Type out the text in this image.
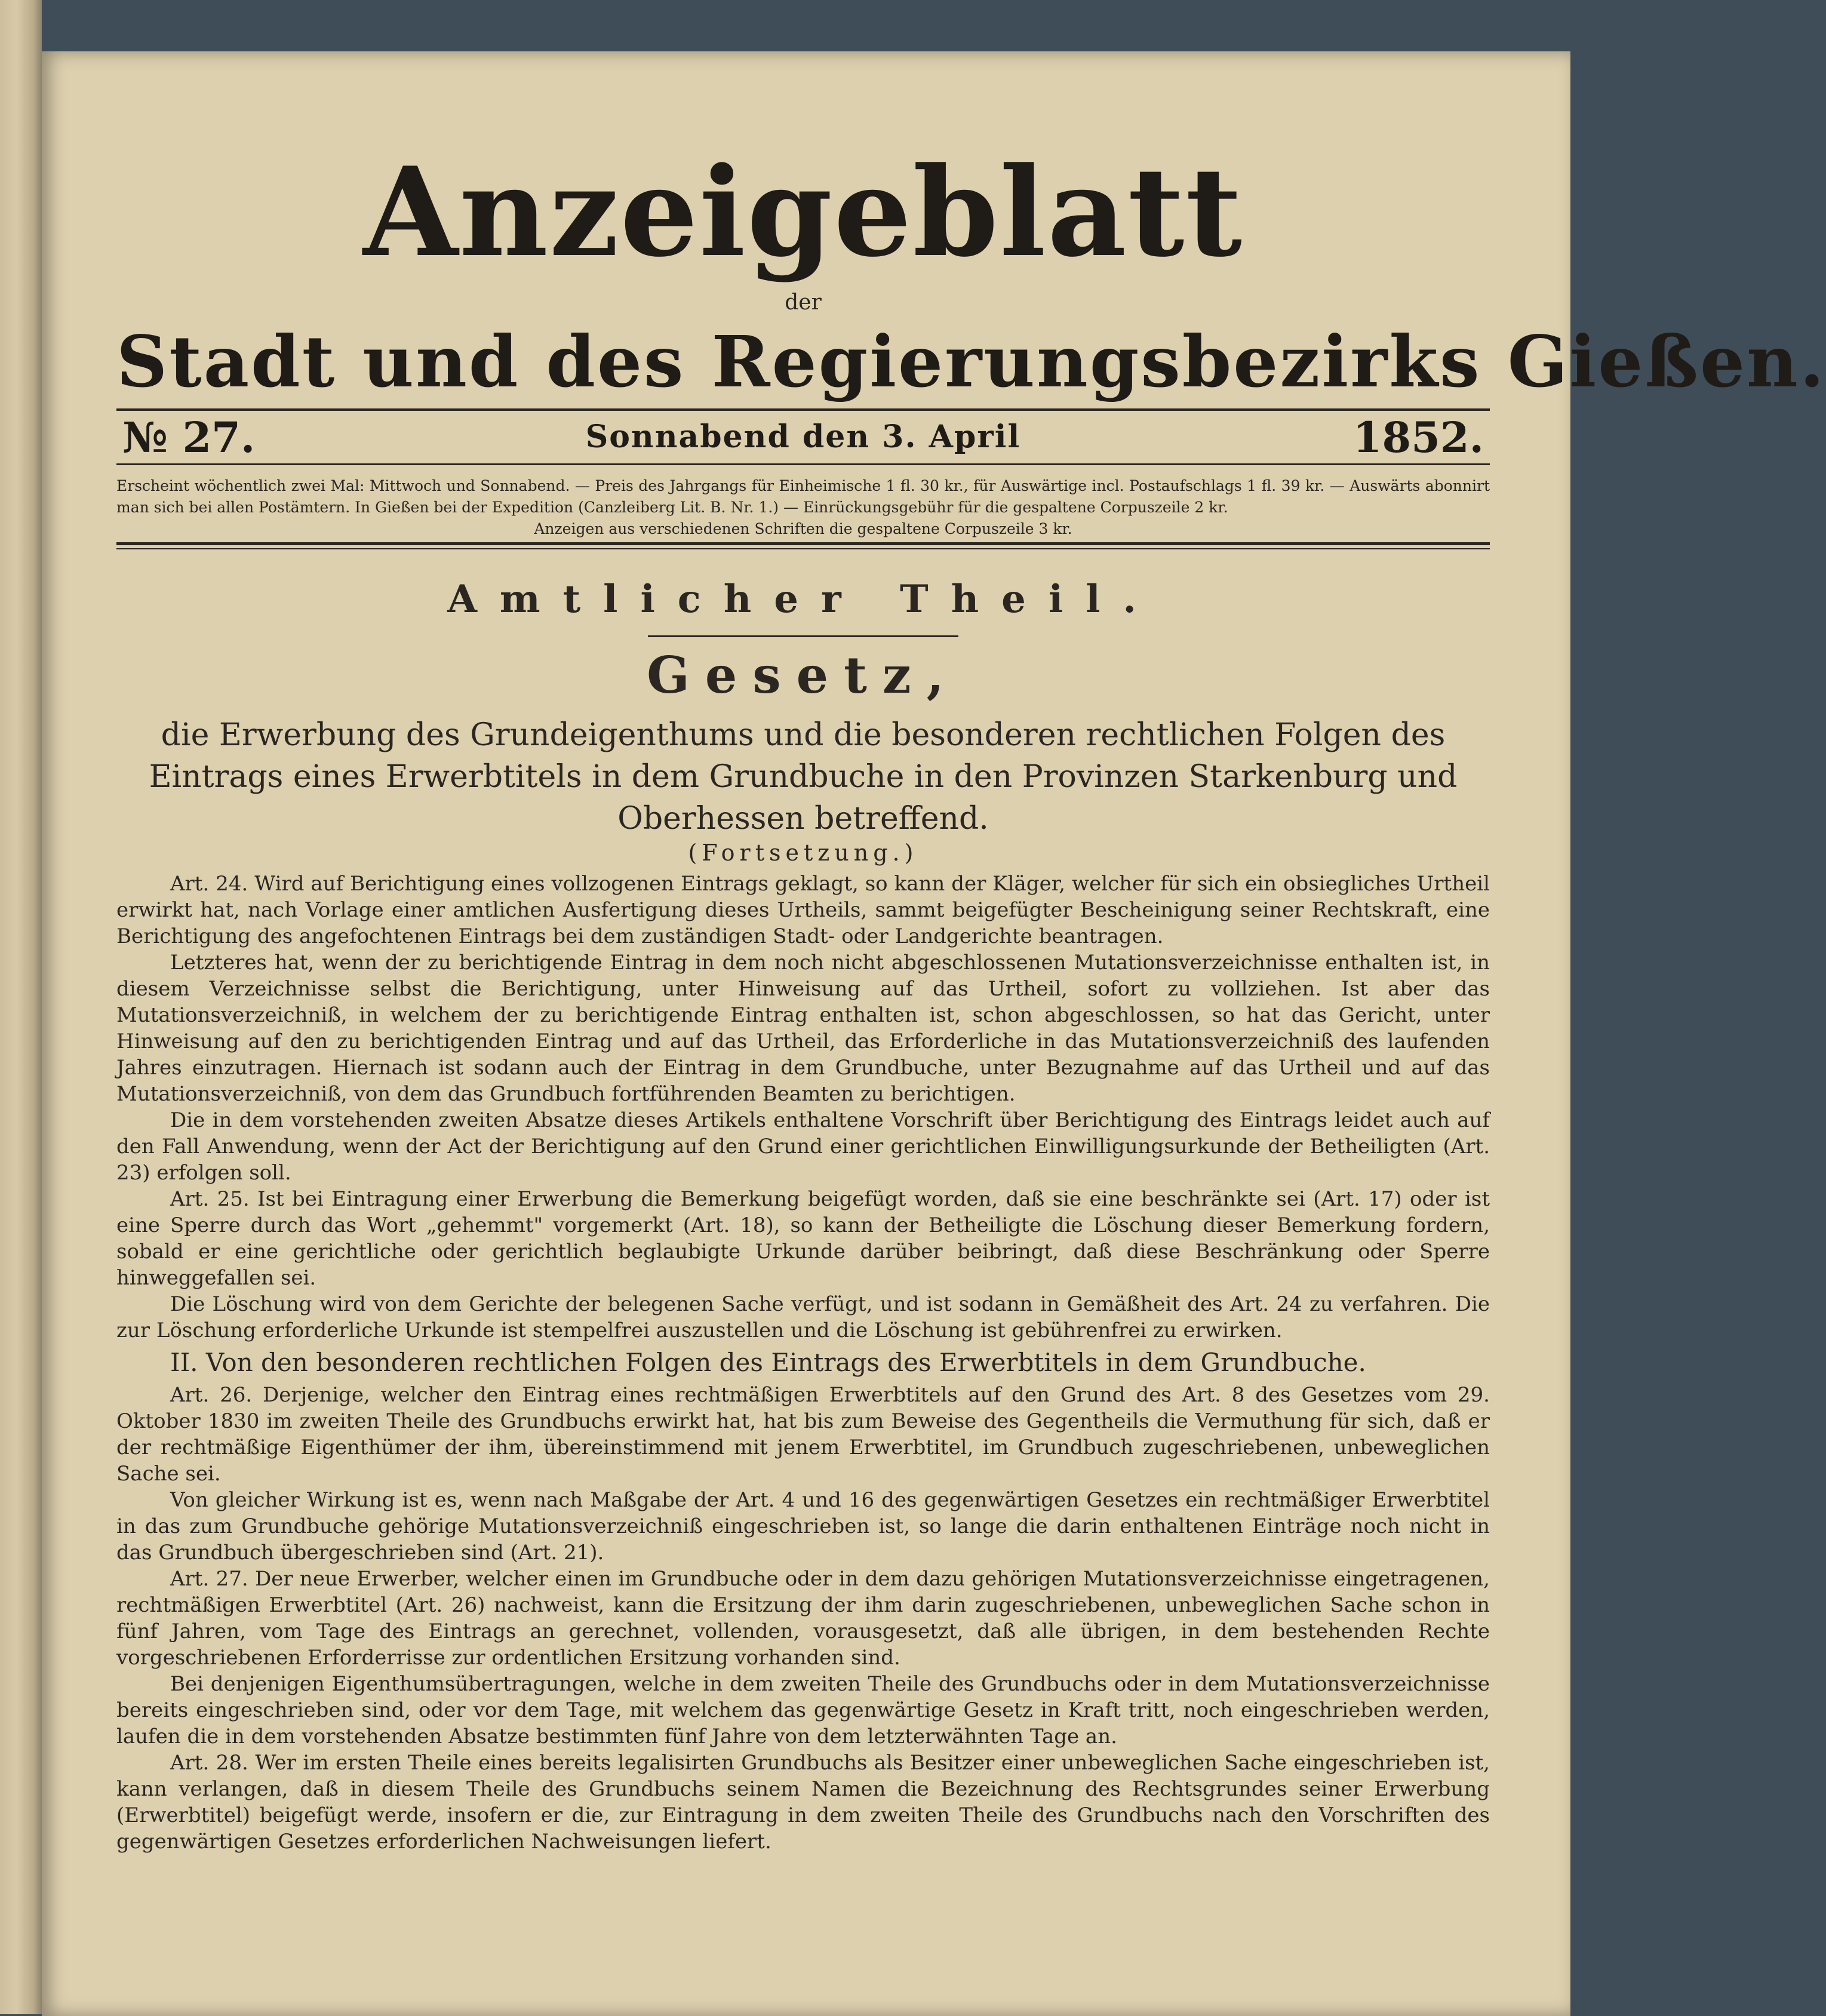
Anzeigeblatt
der
Stadt und des Regierungsbezirks Gießen.
№ 27.	Sonnabend den 3. April	1852.
Erscheint wöchentlich zwei Mal: Mittwoch und Sonnabend. — Preis des Jahrgangs für Einheimische 1 fl. 30 kr., für Auswärtige incl. Postaufschlags 1 fl. 39 kr. — Auswärts abonnirt man sich bei allen Postämtern. In Gießen bei der Expedition (Canzleiberg Lit. B. Nr. 1.) — Einrückungsgebühr für die gespaltene Corpuszeile 2 kr.
Anzeigen aus verschiedenen Schriften die gespaltene Corpuszeile 3 kr.
Amtlicher Theil.
Gesetz,
die Erwerbung des Grundeigenthums und die besonderen rechtlichen Folgen des Eintrags eines Erwerbtitels in dem Grundbuche in den Provinzen Starkenburg und Oberhessen betreffend.
(Fortsetzung.)

Art. 24. Wird auf Berichtigung eines vollzogenen Eintrags geklagt, so kann der Kläger, welcher für sich ein obsiegliches Urtheil erwirkt hat, nach Vorlage einer amtlichen Ausfertigung dieses Urtheils, sammt beigefügter Bescheinigung seiner Rechtskraft, eine Berichtigung des angefochtenen Eintrags bei dem zuständigen Stadt- oder Landgerichte beantragen.

Letzteres hat, wenn der zu berichtigende Eintrag in dem noch nicht abgeschlossenen Mutationsverzeichnisse enthalten ist, in diesem Verzeichnisse selbst die Berichtigung, unter Hinweisung auf das Urtheil, sofort zu vollziehen. Ist aber das Mutationsverzeichniß, in welchem der zu berichtigende Eintrag enthalten ist, schon abgeschlossen, so hat das Gericht, unter Hinweisung auf den zu berichtigenden Eintrag und auf das Urtheil, das Erforderliche in das Mutationsverzeichniß des laufenden Jahres einzutragen. Hiernach ist sodann auch der Eintrag in dem Grundbuche, unter Bezugnahme auf das Urtheil und auf das Mutationsverzeichniß, von dem das Grundbuch fortführenden Beamten zu berichtigen.

Die in dem vorstehenden zweiten Absatze dieses Artikels enthaltene Vorschrift über Berichtigung des Eintrags leidet auch auf den Fall Anwendung, wenn der Act der Berichtigung auf den Grund einer gerichtlichen Einwilligungsurkunde der Betheiligten (Art. 23) erfolgen soll.

Art. 25. Ist bei Eintragung einer Erwerbung die Bemerkung beigefügt worden, daß sie eine beschränkte sei (Art. 17) oder ist eine Sperre durch das Wort „gehemmt" vorgemerkt (Art. 18), so kann der Betheiligte die Löschung dieser Bemerkung fordern, sobald er eine gerichtliche oder gerichtlich beglaubigte Urkunde darüber beibringt, daß diese Beschränkung oder Sperre hinweggefallen sei.

Die Löschung wird von dem Gerichte der belegenen Sache verfügt, und ist sodann in Gemäßheit des Art. 24 zu verfahren. Die zur Löschung erforderliche Urkunde ist stempelfrei auszustellen und die Löschung ist gebührenfrei zu erwirken.

II. Von den besonderen rechtlichen Folgen des Eintrags des Erwerbtitels in dem Grundbuche.

Art. 26. Derjenige, welcher den Eintrag eines rechtmäßigen Erwerbtitels auf den Grund des Art. 8 des Gesetzes vom 29. Oktober 1830 im zweiten Theile des Grundbuchs erwirkt hat, hat bis zum Beweise des Gegentheils die Vermuthung für sich, daß er der rechtmäßige Eigenthümer der ihm, übereinstimmend mit jenem Erwerbtitel, im Grundbuch zugeschriebenen, unbeweglichen Sache sei.

Von gleicher Wirkung ist es, wenn nach Maßgabe der Art. 4 und 16 des gegenwärtigen Gesetzes ein rechtmäßiger Erwerbtitel in das zum Grundbuche gehörige Mutationsverzeichniß eingeschrieben ist, so lange die darin enthaltenen Einträge noch nicht in das Grundbuch übergeschrieben sind (Art. 21).

Art. 27. Der neue Erwerber, welcher einen im Grundbuche oder in dem dazu gehörigen Mutationsverzeichnisse eingetragenen, rechtmäßigen Erwerbtitel (Art. 26) nachweist, kann die Ersitzung der ihm darin zugeschriebenen, unbeweglichen Sache schon in fünf Jahren, vom Tage des Eintrags an gerechnet, vollenden, vorausgesetzt, daß alle übrigen, in dem bestehenden Rechte vorgeschriebenen Erforderrisse zur ordentlichen Ersitzung vorhanden sind.

Bei denjenigen Eigenthumsübertragungen, welche in dem zweiten Theile des Grundbuchs oder in dem Mutationsverzeichnisse bereits eingeschrieben sind, oder vor dem Tage, mit welchem das gegenwärtige Gesetz in Kraft tritt, noch eingeschrieben werden, laufen die in dem vorstehenden Absatze bestimmten fünf Jahre von dem letzterwähnten Tage an.

Art. 28. Wer im ersten Theile eines bereits legalisirten Grundbuchs als Besitzer einer unbeweglichen Sache eingeschrieben ist, kann verlangen, daß in diesem Theile des Grundbuchs seinem Namen die Bezeichnung des Rechtsgrundes seiner Erwerbung (Erwerbtitel) beigefügt werde, insofern er die, zur Eintragung in dem zweiten Theile des Grundbuchs nach den Vorschriften des gegenwärtigen Gesetzes erforderlichen Nachweisungen liefert.
